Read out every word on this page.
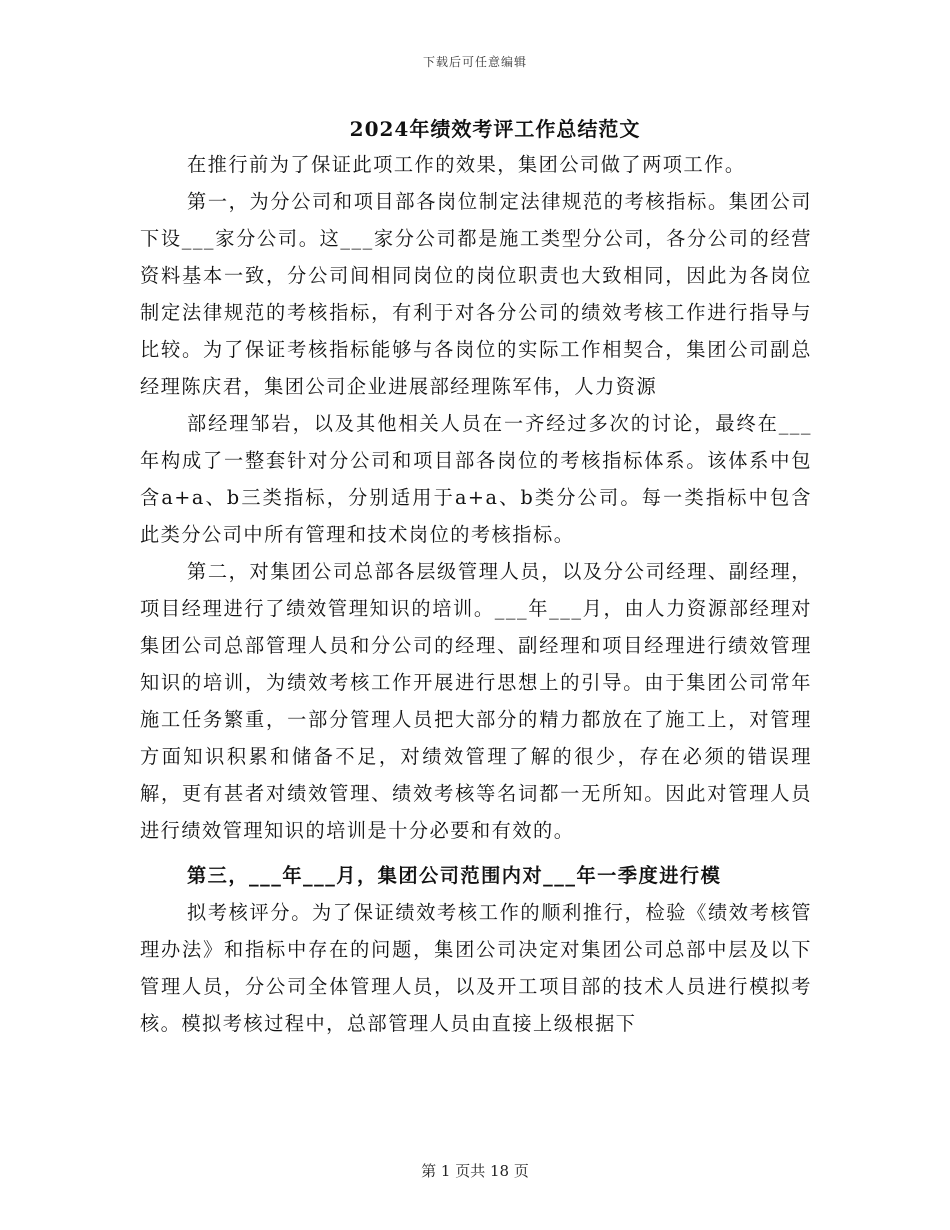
下载后可任意编辑
2024年绩效考评工作总结范文

在推行前为了保证此项工作的效果，集团公司做了两项工作。

第一，为分公司和项目部各岗位制定法律规范的考核指标。集团公司下设___家分公司。这___家分公司都是施工类型分公司，各分公司的经营资料基本一致，分公司间相同岗位的岗位职责也大致相同，因此为各岗位制定法律规范的考核指标，有利于对各分公司的绩效考核工作进行指导与比较。为了保证考核指标能够与各岗位的实际工作相契合，集团公司副总经理陈庆君，集团公司企业进展部经理陈军伟，人力资源

部经理邹岩，以及其他相关人员在一齐经过多次的讨论，最终在___年构成了一整套针对分公司和项目部各岗位的考核指标体系。该体系中包含a+a、b三类指标，分别适用于a+a、b类分公司。每一类指标中包含此类分公司中所有管理和技术岗位的考核指标。

第二，对集团公司总部各层级管理人员，以及分公司经理、副经理，项目经理进行了绩效管理知识的培训。___年___月，由人力资源部经理对集团公司总部管理人员和分公司的经理、副经理和项目经理进行绩效管理知识的培训，为绩效考核工作开展进行思想上的引导。由于集团公司常年施工任务繁重，一部分管理人员把大部分的精力都放在了施工上，对管理方面知识积累和储备不足，对绩效管理了解的很少，存在必须的错误理解，更有甚者对绩效管理、绩效考核等名词都一无所知。因此对管理人员进行绩效管理知识的培训是十分必要和有效的。

第三，___年___月，集团公司范围内对___年一季度进行模

拟考核评分。为了保证绩效考核工作的顺利推行，检验《绩效考核管理办法》和指标中存在的问题，集团公司决定对集团公司总部中层及以下管理人员，分公司全体管理人员，以及开工项目部的技术人员进行模拟考核。模拟考核过程中，总部管理人员由直接上级根据下

第 1 页共 18 页
